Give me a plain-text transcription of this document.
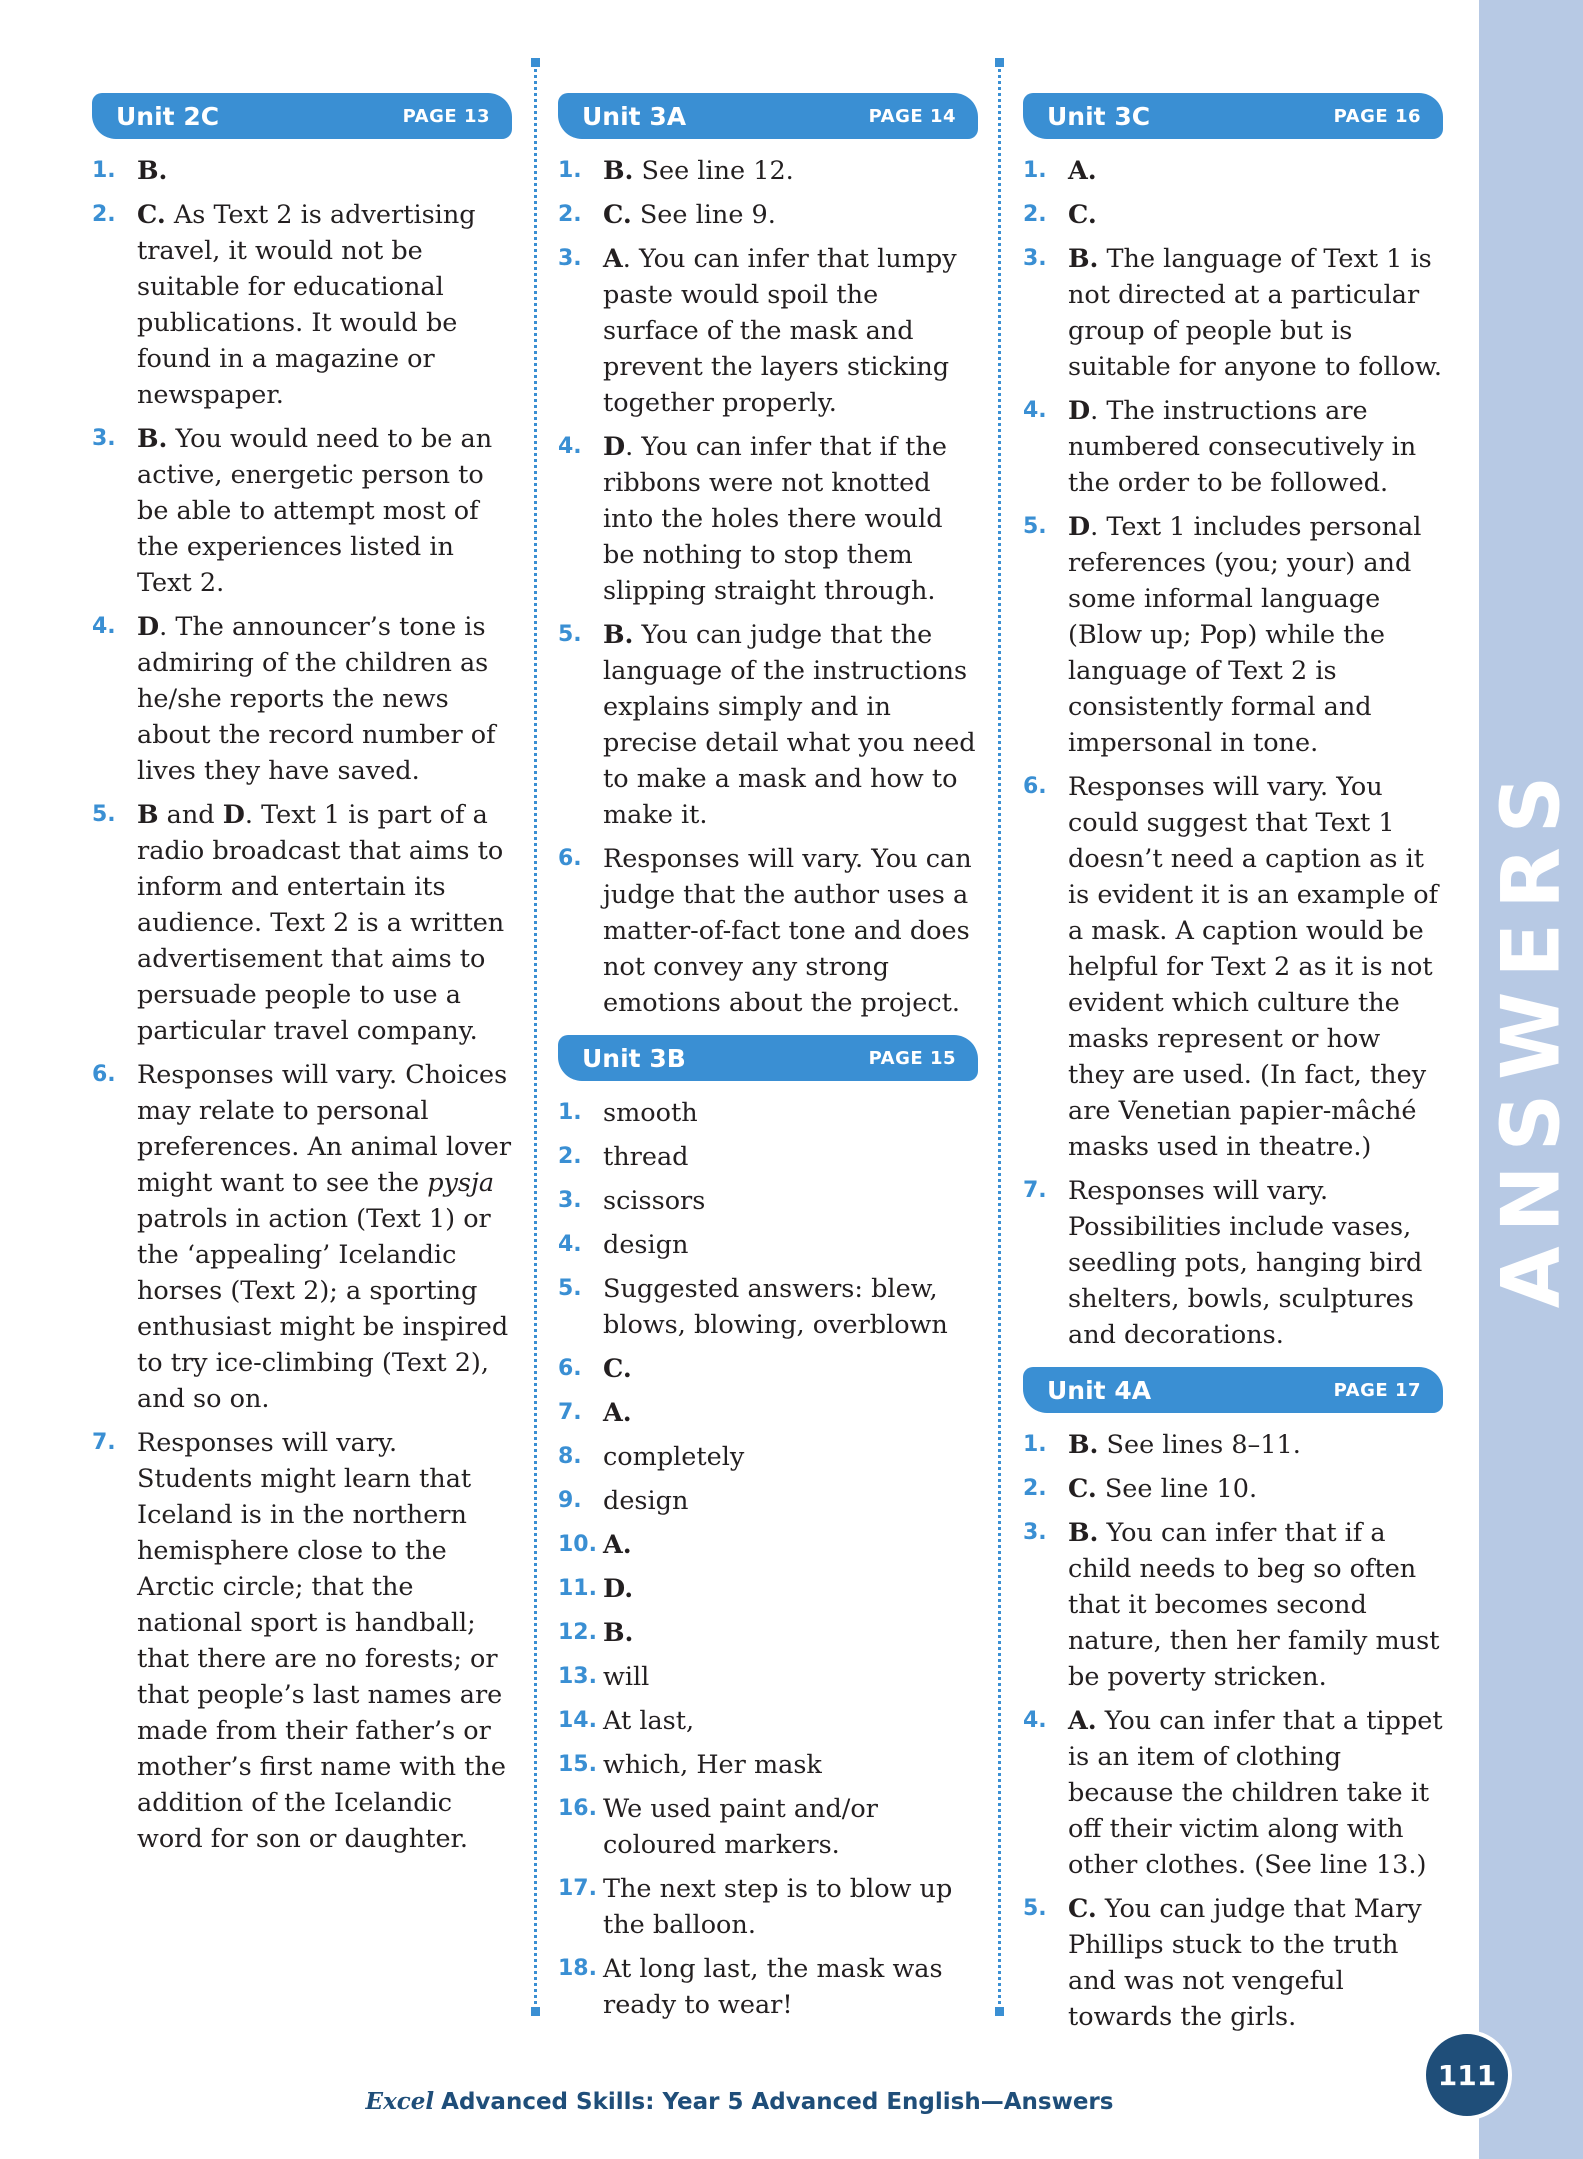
ANSWERS
Unit 2C	PAGE 13
1. B.
2. C. As Text 2 is advertising travel, it would not be suitable for educational publications. It would be found in a magazine or newspaper.
3. B. You would need to be an active, energetic person to be able to attempt most of the experiences listed in Text 2.
4. D. The announcer’s tone is admiring of the children as he/she reports the news about the record number of lives they have saved.
5. B and D. Text 1 is part of a radio broadcast that aims to inform and entertain its audience. Text 2 is a written advertisement that aims to persuade people to use a particular travel company.
6. Responses will vary. Choices may relate to personal preferences. An animal lover might want to see the pysja patrols in action (Text 1) or the ‘appealing’ Icelandic horses (Text 2); a sporting enthusiast might be inspired to try ice-climbing (Text 2), and so on.
7. Responses will vary. Students might learn that Iceland is in the northern hemisphere close to the Arctic circle; that the national sport is handball; that there are no forests; or that people’s last names are made from their father’s or mother’s first name with the addition of the Icelandic word for son or daughter.
Unit 3A	PAGE 14
1. B. See line 12.
2. C. See line 9.
3. A. You can infer that lumpy paste would spoil the surface of the mask and prevent the layers sticking together properly.
4. D. You can infer that if the ribbons were not knotted into the holes there would be nothing to stop them slipping straight through.
5. B. You can judge that the language of the instructions explains simply and in precise detail what you need to make a mask and how to make it.
6. Responses will vary. You can judge that the author uses a matter-of-fact tone and does not convey any strong emotions about the project.
Unit 3B	PAGE 15
1. smooth
2. thread
3. scissors
4. design
5. Suggested answers: blew, blows, blowing, overblown
6. C.
7. A.
8. completely
9. design
10. A.
11. D.
12. B.
13. will
14. At last,
15. which, Her mask
16. We used paint and/or coloured markers.
17. The next step is to blow up the balloon.
18. At long last, the mask was ready to wear!
Unit 3C	PAGE 16
1. A.
2. C.
3. B. The language of Text 1 is not directed at a particular group of people but is suitable for anyone to follow.
4. D. The instructions are numbered consecutively in the order to be followed.
5. D. Text 1 includes personal references (you; your) and some informal language (Blow up; Pop) while the language of Text 2 is consistently formal and impersonal in tone.
6. Responses will vary. You could suggest that Text 1 doesn’t need a caption as it is evident it is an example of a mask. A caption would be helpful for Text 2 as it is not evident which culture the masks represent or how they are used. (In fact, they are Venetian papier-mâché masks used in theatre.)
7. Responses will vary. Possibilities include vases, seedling pots, hanging bird shelters, bowls, sculptures and decorations.
Unit 4A	PAGE 17
1. B. See lines 8–11.
2. C. See line 10.
3. B. You can infer that if a child needs to beg so often that it becomes second nature, then her family must be poverty stricken.
4. A. You can infer that a tippet is an item of clothing because the children take it off their victim along with other clothes. (See line 13.)
5. C. You can judge that Mary Phillips stuck to the truth and was not vengeful towards the girls.
Excel Advanced Skills: Year 5 Advanced English—Answers
111
